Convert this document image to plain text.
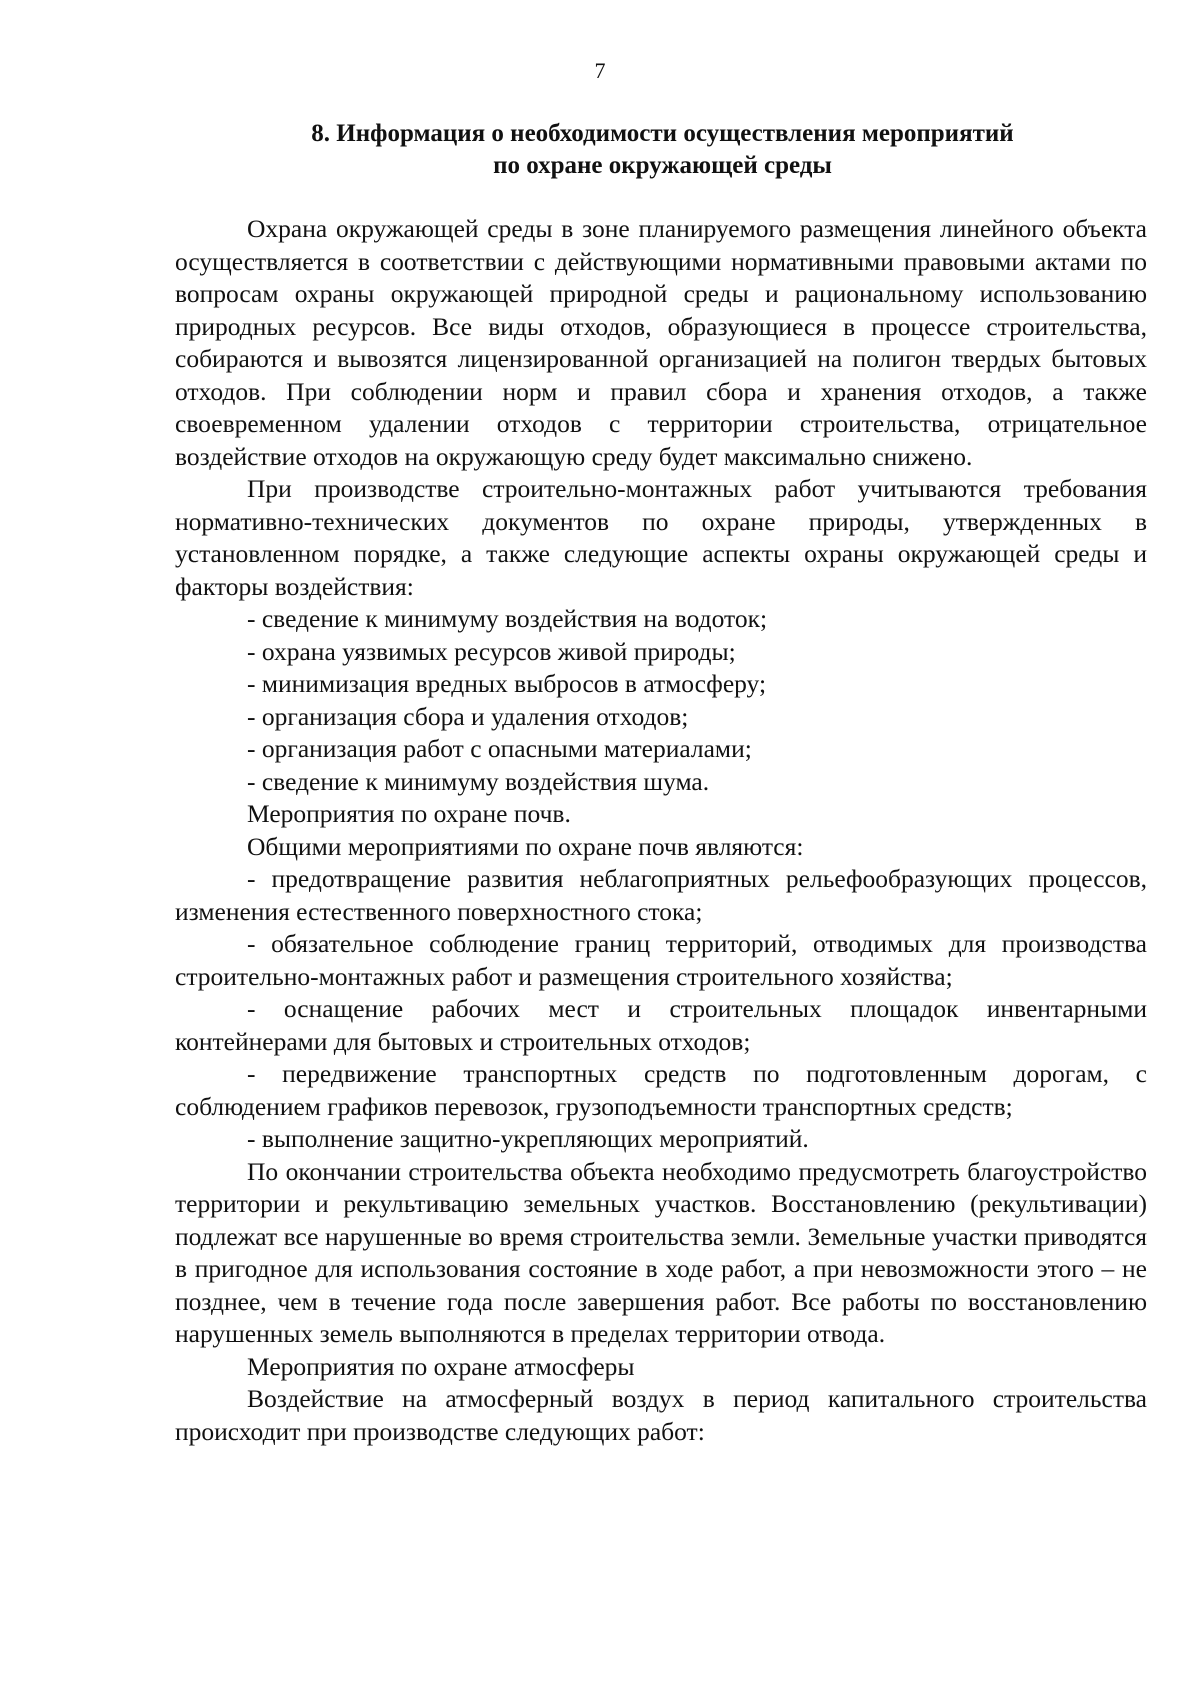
7
8. Информация о необходимости осуществления мероприятий
по охране окружающей среды

Охрана окружающей среды в зоне планируемого размещения линейного объекта осуществляется в соответствии с действующими нормативными правовыми актами по вопросам охраны окружающей природной среды и рациональному использованию природных ресурсов. Все виды отходов, образующиеся в процессе строительства, собираются и вывозятся лицензированной организацией на полигон твердых бытовых отходов. При соблюдении норм и правил сбора и хранения отходов, а также своевременном удалении отходов с территории строительства, отрицательное воздействие отходов на окружающую среду будет максимально снижено.

При производстве строительно-монтажных работ учитываются требования нормативно-технических документов по охране природы, утвержденных в установленном порядке, а также следующие аспекты охраны окружающей среды и факторы воздействия:

- сведение к минимуму воздействия на водоток;

- охрана уязвимых ресурсов живой природы;

- минимизация вредных выбросов в атмосферу;

- организация сбора и удаления отходов;

- организация работ с опасными материалами;

- сведение к минимуму воздействия шума.

Мероприятия по охране почв.

Общими мероприятиями по охране почв являются:

- предотвращение развития неблагоприятных рельефообразующих процессов, изменения естественного поверхностного стока;

- обязательное соблюдение границ территорий, отводимых для производства строительно-монтажных работ и размещения строительного хозяйства;

- оснащение рабочих мест и строительных площадок инвентарными контейнерами для бытовых и строительных отходов;

- передвижение транспортных средств по подготовленным дорогам, с соблюдением графиков перевозок, грузоподъемности транспортных средств;

- выполнение защитно-укрепляющих мероприятий.

По окончании строительства объекта необходимо предусмотреть благоустройство территории и рекультивацию земельных участков. Восстановлению (рекультивации) подлежат все нарушенные во время строительства земли. Земельные участки приводятся в пригодное для использования состояние в ходе работ, а при невозможности этого – не позднее, чем в течение года после завершения работ. Все работы по восстановлению нарушенных земель выполняются в пределах территории отвода.

Мероприятия по охране атмосферы

Воздействие на атмосферный воздух в период капитального строительства происходит при производстве следующих работ:
